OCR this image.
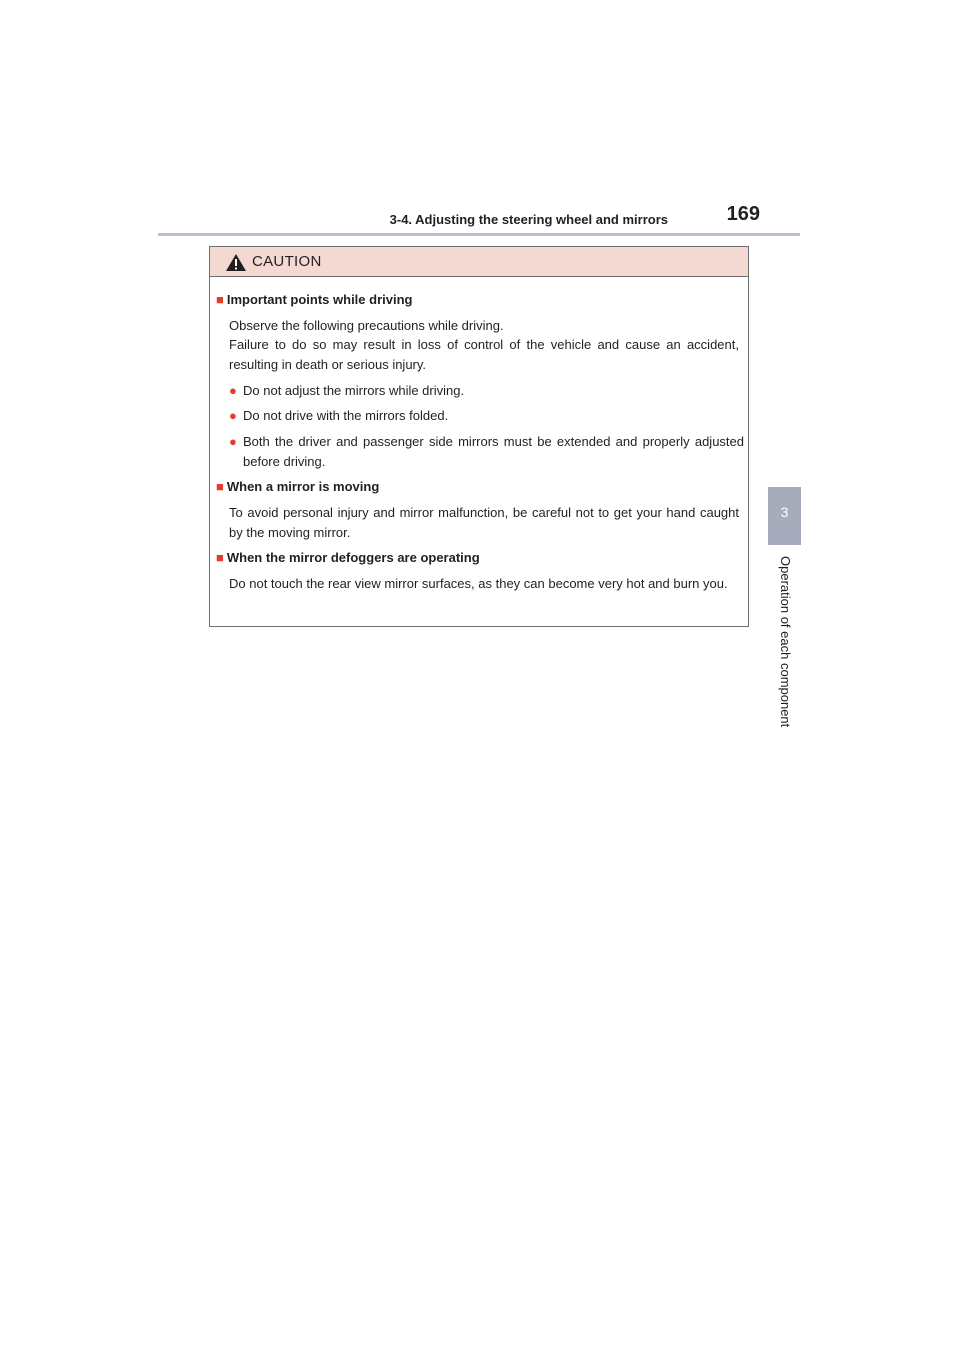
3-4. Adjusting the steering wheel and mirrors	169
3
Operation of each component
CAUTION
■ Important points while driving
Observe the following precautions while driving.
Failure to do so may result in loss of control of the vehicle and cause an accident, resulting in death or serious injury.
● Do not adjust the mirrors while driving.
● Do not drive with the mirrors folded.
● Both the driver and passenger side mirrors must be extended and properly adjusted before driving.
■ When a mirror is moving
To avoid personal injury and mirror malfunction, be careful not to get your hand caught by the moving mirror.
■ When the mirror defoggers are operating
Do not touch the rear view mirror surfaces, as they can become very hot and burn you.
